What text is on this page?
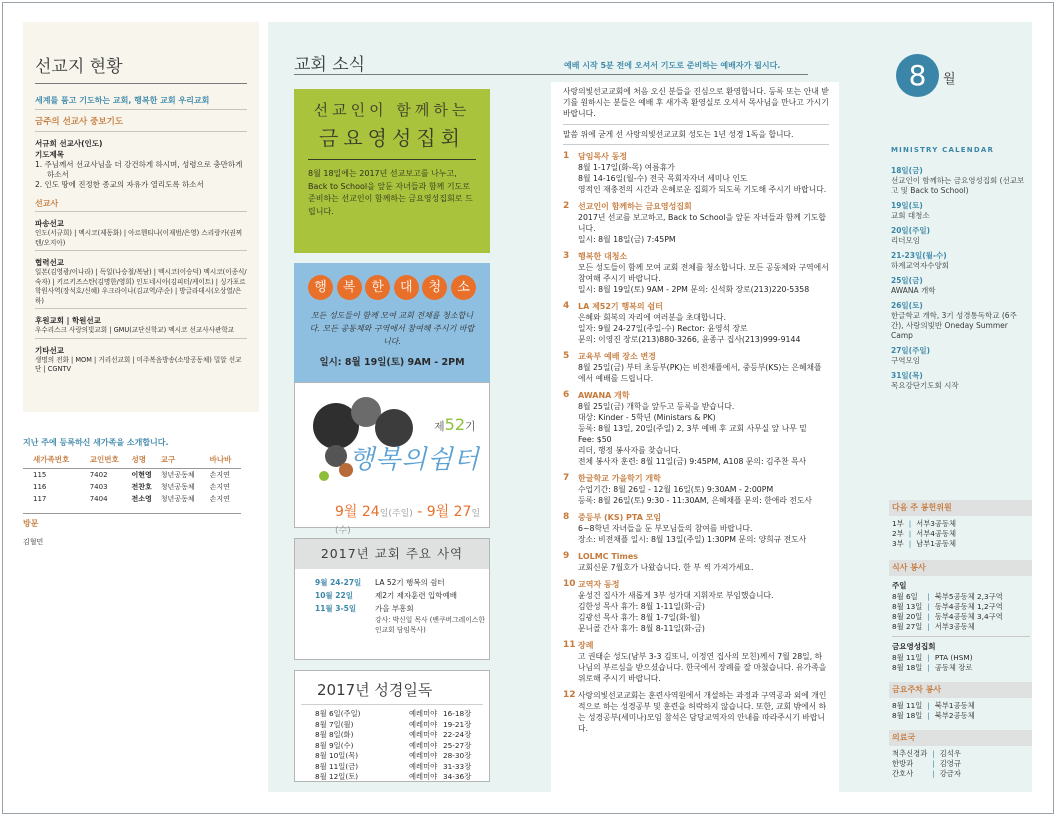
선교지 현황
세계를 품고 기도하는 교회, 행복한 교회 우리교회
금주의 선교사 중보기도
서규희 선교사(인도)
기도제목
1. 주님께서 선교사님을 더 강건하게 하시며, 성령으로 충만하게 하소서
2. 인도 땅에 진정한 종교의 자유가 열리도록 하소서
선교사
파송선교
인도(서규희) | 멕시코(제동화) | 아르헨티나(이재범/은영) 스리랑카(권찌텐/오지아)
협력선교
일본(김영광/이나라) | 독일(나승철/복남) | 멕시코(이승덕) 멕시코(이종식/숙자) | 키르키즈스탄(김명한/영희) 인도네시아(김피터/케이트) | 싱가포르 학원사역(장석호/신혜) 우크라이나(김교역/주순) | 방글라데시(오상열/은하)
후원교회 | 학원선교
우수리스크 사랑의빛교회 | GMU(교단신학교) 멕시코 선교사사관학교
기타선교
생명의 전화 | MOM | 거리선교회 | 미주복음방송(소망공동체) 밀알 선교단 | CGNTV
지난 주에 등록하신 새가족을 소개합니다.
새가족번호	교인번호	성명	교구	바나바
115	7402	이현영	청년공동체	손지연
116	7403	전찬호	청년공동체	손지연
117	7404	전소영	청년공동체	손지연
방문
김혈민
교회 소식	예배 시작 5분 전에 오셔서 기도로 준비하는 예배자가 됩시다.
선교인이 함께하는
금요영성집회

8월 18일에는 2017년 선교보고를 나누고, Back to School을 앞둔 자녀들과 함께 기도로 준비하는 선교인이 함께하는 금요영성집회로 드립니다.

행	복	한	대	청	소

모든 성도들이 함께 모여 교회 전체를 청소합니다. 모든 공동체와 구역에서 참여해 주시기 바랍니다.

일시: 8월 19일(토) 9AM - 2PM
제52기
행복의쉼터
9월 24일(주일) - 9월 27일(수)
2017년 교회 주요 사역
9월 24-27일	LA 52기 행복의 쉼터
10월 22일	제2기 제자훈련 입학예배
11월 3-5일	가을 부흥회
강사: 박신일 목사 (밴쿠버그레이스한인교회 담임목사)
2017년 성경일독
8월 6일(주일)	예레미야	16-18장
8월 7일(월)	예레미야	19-21장
8월 8일(화)	예레미야	22-24장
8월 9일(수)	예레미야	25-27장
8월 10일(목)	예레미야	28-30장
8월 11일(금)	예레미야	31-33장
8월 12일(토)	예레미야	34-36장
사랑의빛선교교회에 처음 오신 분들을 진심으로 환영합니다. 등록 또는 안내 받기를 원하시는 분들은 예배 후 새가족 환영실로 오셔서 목사님을 만나고 가시기 바랍니다.
말씀 위에 굳게 선 사랑의빛선교교회 성도는 1년 성경 1독을 합니다.
1	담임목사 동정
8월 1-17일(화-목) 여름휴가
8월 14-16일(월-수) 전국 목회자자녀 세미나 인도
영적인 재충전의 시간과 은혜로운 집회가 되도록 기도해 주시기 바랍니다.
2	선교인이 함께하는 금요영성집회
2017년 선교를 보고하고, Back to School을 앞둔 자녀들과 함께 기도합니다.
일시: 8월 18일(금) 7:45PM
3	행복한 대청소
모든 성도들이 함께 모여 교회 전체를 청소합니다. 모든 공동체와 구역에서 참여해 주시기 바랍니다.
일시: 8월 19일(토) 9AM - 2PM 문의: 신석화 장로(213)220-5358
4	LA 제52기 행복의 쉼터
은혜와 회복의 자리에 여러분을 초대합니다.
일자: 9월 24-27일(주일-수) Rector: 윤영석 장로
문의: 이영진 장로(213)880-3266, 윤종구 집사(213)999-9144
5	교육부 예배 장소 변경
8월 25일(금) 부터 초등부(PK)는 비전채플에서, 중등부(KS)는 은혜채플에서 예배를 드립니다.
6	AWANA 개학
8월 25일(금) 개학을 앞두고 등록을 받습니다.
대상: Kinder - 5학년 (Ministars & PK)
등록: 8월 13일, 20일(주일) 2, 3부 예배 후 교회 사무실 앞 나무 밑
Fee: $50
리더, 행정 봉사자를 찾습니다.
전체 봉사자 훈련: 8월 11일(금) 9:45PM, A108 문의: 김주찬 목사
7	한글학교 가을학기 개학
수업기간: 8월 26일 - 12월 16일(토) 9:30AM - 2:00PM
등록: 8월 26일(토) 9:30 - 11:30AM, 은혜채플 문의: 한애라 전도사
8	중등부 (KS) PTA 모임
6~8학년 자녀들을 둔 부모님들의 참여를 바랍니다.
장소: 비전채플 일시: 8월 13일(주일) 1:30PM 문의: 양희규 전도사
9	LOLMC Times
교회신문 7월호가 나왔습니다. 한 부 씩 가져가세요.
10 교역자 동정
윤성건 집사가 새롭게 3부 성가대 지휘자로 부임했습니다.
김한성 목사 휴가: 8월 1-11일(화-금)
김광선 목사 휴가: 8월 1-7일(화-월)
문니콜 간사 휴가: 8월 8-11일(화-금)
11 장례
고 권태순 성도(남부 3-3 김또니, 이정연 집사의 모친)께서 7월 28일, 하나님의 부르심을 받으셨습니다. 한국에서 장례를 잘 마쳤습니다. 유가족을 위로해 주시기 바랍니다.
12 사랑의빛선교교회는 훈련사역원에서 개설하는 과정과 구역공과 외에 개인적으로 하는 성경공부 및 훈련을 허락하지 않습니다. 또한, 교회 밖에서 하는 성경공부(세미나)모임 참석은 담당교역자의 안내를 따라주시기 바랍니다.
8	월
MINISTRY CALENDAR
18일(금)
선교인이 함께하는 금요영성집회 (선교보고 및 Back to School)
19일(토)
교회 대청소
20일(주일)
리더모임
21-23일(월-수)
하계교역자수양회
25일(금)
AWANA 개학
26일(토)
한글학교 개학, 3기 성경통독학교 (6주간), 사랑의빛반 Oneday Summer Camp
27일(주일)
구역모임
31일(목)
목요강단기도회 시작
다음 주 봉헌위원
1부	|	서부3공동체
2부	|	서부4공동체
3부	|	남부1공동체
식사 봉사
주일
8월 6일	|	북부5공동체 2,3구역
8월 13일	|	동부4공동체 1,2구역
8월 20일	|	동부4공동체 3,4구역
8월 27일	|	서부3공동체
금요영성집회
8월 11일	|	PTA (HSM)
8월 18일	|	공동체 장로
금요주차 봉사
8월 11일	|	북부1공동체
8월 18일	|	북부2공동체
의료국
척추신경과	|	김석우
한방과	|	김영규
간호사	|	강금자
